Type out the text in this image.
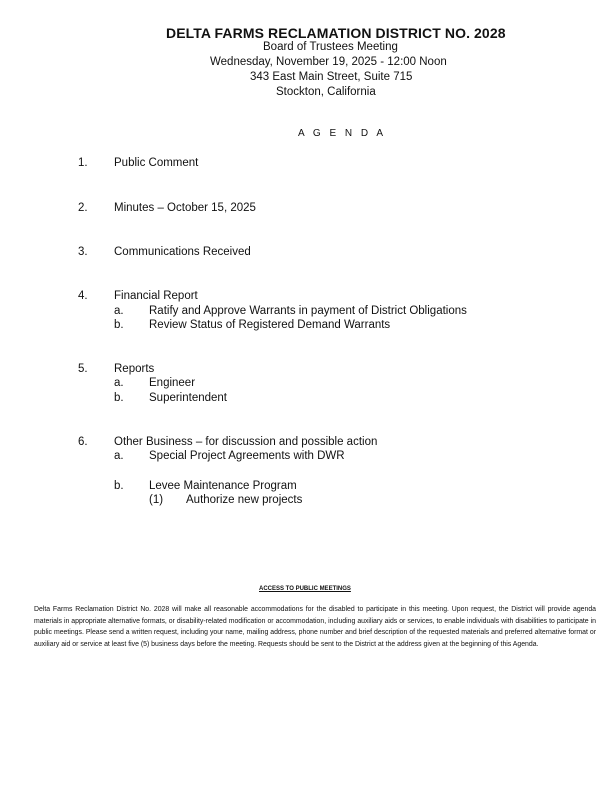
DELTA FARMS RECLAMATION DISTRICT NO. 2028
Board of Trustees Meeting
Wednesday, November 19, 2025 - 12:00 Noon
343 East Main Street, Suite 715
Stockton, California
A G E N D A
1. Public Comment
2. Minutes – October 15, 2025
3. Communications Received
4. Financial Report
a. Ratify and Approve Warrants in payment of District Obligations
b. Review Status of Registered Demand Warrants
5. Reports
a. Engineer
b. Superintendent
6. Other Business – for discussion and possible action
a. Special Project Agreements with DWR
b. Levee Maintenance Program
(1) Authorize new projects
ACCESS TO PUBLIC MEETINGS
Delta Farms Reclamation District No. 2028 will make all reasonable accommodations for the disabled to participate in this meeting. Upon request, the District will provide agenda materials in appropriate alternative formats, or disability-related modification or accommodation, including auxiliary aids or services, to enable individuals with disabilities to participate in public meetings. Please send a written request, including your name, mailing address, phone number and brief description of the requested materials and preferred alternative format or auxiliary aid or service at least five (5) business days before the meeting. Requests should be sent to the District at the address given at the beginning of this Agenda.
